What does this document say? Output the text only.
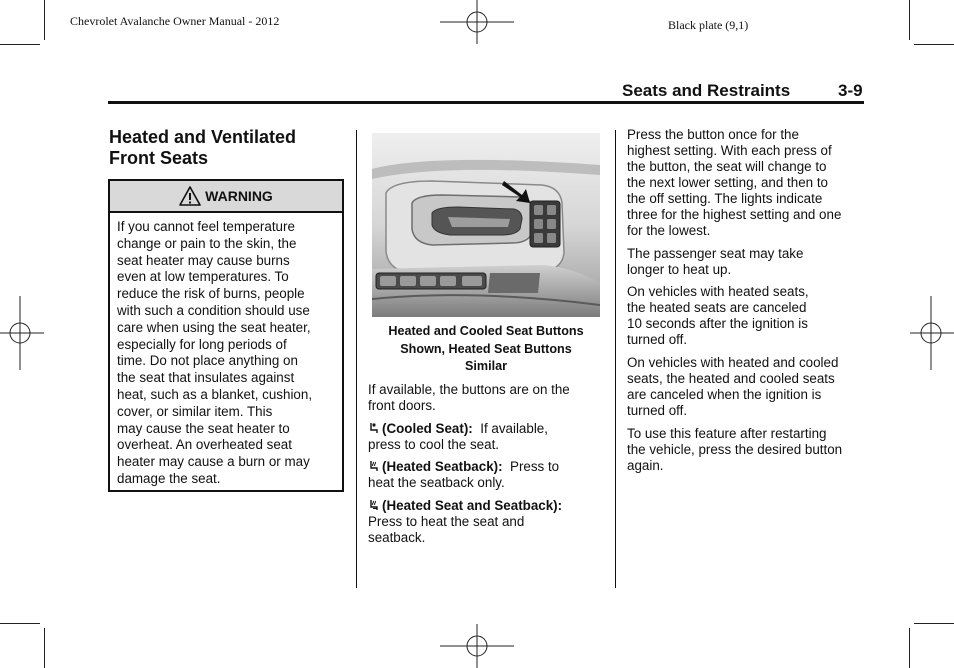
Chevrolet Avalanche Owner Manual - 2012	Black plate (9,1)
Seats and Restraints	3-9
Heated and Ventilated
Front Seats
WARNING
If you cannot feel temperature
change or pain to the skin, the
seat heater may cause burns
even at low temperatures. To
reduce the risk of burns, people
with such a condition should use
care when using the seat heater,
especially for long periods of
time. Do not place anything on
the seat that insulates against
heat, such as a blanket, cushion,
cover, or similar item. This
may cause the seat heater to
overheat. An overheated seat
heater may cause a burn or may
damage the seat.
Heated and Cooled Seat Buttons
Shown, Heated Seat Buttons
Similar
If available, the buttons are on the
front doors.
(Cooled Seat): If available,
press to cool the seat.
(Heated Seatback): Press to
heat the seatback only.
(Heated Seat and Seatback):
Press to heat the seat and
seatback.
Press the button once for the
highest setting. With each press of
the button, the seat will change to
the next lower setting, and then to
the off setting. The lights indicate
three for the highest setting and one
for the lowest.
The passenger seat may take
longer to heat up.
On vehicles with heated seats,
the heated seats are canceled
10 seconds after the ignition is
turned off.
On vehicles with heated and cooled
seats, the heated and cooled seats
are canceled when the ignition is
turned off.
To use this feature after restarting
the vehicle, press the desired button
again.
